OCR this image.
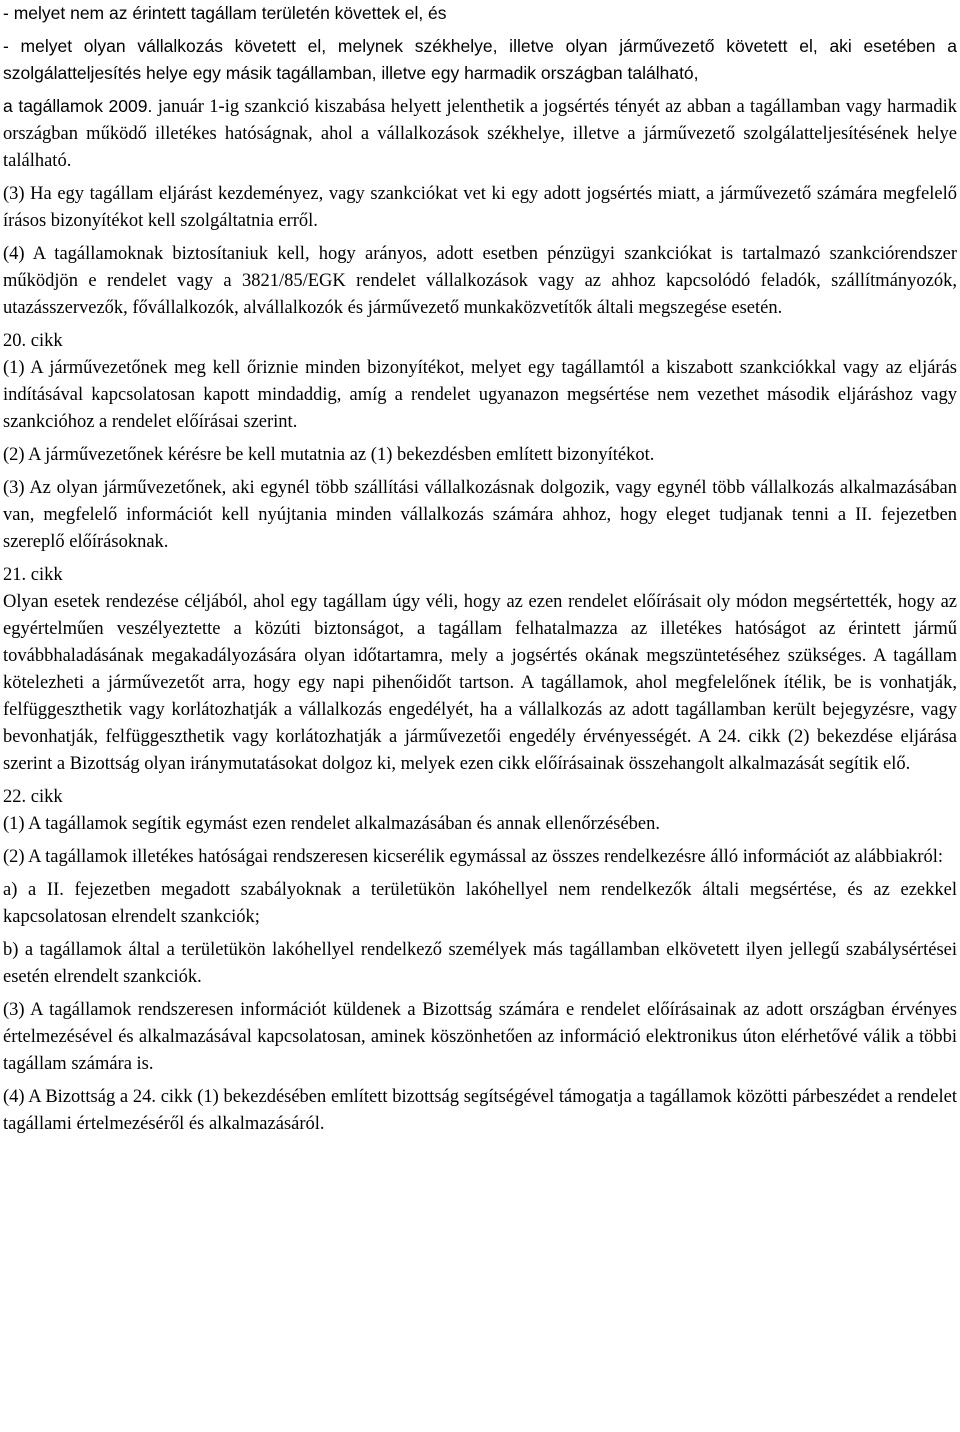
- melyet nem az érintett tagállam területén követtek el, és

- melyet olyan vállalkozás követett el, melynek székhelye, illetve olyan járművezető követett el, aki esetében a szolgálatteljesítés helye egy másik tagállamban, illetve egy harmadik országban található,

a tagállamok 2009. január 1-ig szankció kiszabása helyett jelenthetik a jogsértés tényét az abban a tagállamban vagy harmadik országban működő illetékes hatóságnak, ahol a vállalkozások székhelye, illetve a járművezető szolgálatteljesítésének helye található.

(3) Ha egy tagállam eljárást kezdeményez, vagy szankciókat vet ki egy adott jogsértés miatt, a járművezető számára megfelelő írásos bizonyítékot kell szolgáltatnia erről.

(4) A tagállamoknak biztosítaniuk kell, hogy arányos, adott esetben pénzügyi szankciókat is tartalmazó szankciórendszer működjön e rendelet vagy a 3821/85/EGK rendelet vállalkozások vagy az ahhoz kapcsolódó feladók, szállítmányozók, utazásszervezők, fővállalkozók, alvállalkozók és járművezető munkaközvetítők általi megszegése esetén.

20. cikk

(1) A járművezetőnek meg kell őriznie minden bizonyítékot, melyet egy tagállamtól a kiszabott szankciókkal vagy az eljárás indításával kapcsolatosan kapott mindaddig, amíg a rendelet ugyanazon megsértése nem vezethet második eljáráshoz vagy szankcióhoz a rendelet előírásai szerint.

(2) A járművezetőnek kérésre be kell mutatnia az (1) bekezdésben említett bizonyítékot.

(3) Az olyan járművezetőnek, aki egynél több szállítási vállalkozásnak dolgozik, vagy egynél több vállalkozás alkalmazásában van, megfelelő információt kell nyújtania minden vállalkozás számára ahhoz, hogy eleget tudjanak tenni a II. fejezetben szereplő előírásoknak.

21. cikk

Olyan esetek rendezése céljából, ahol egy tagállam úgy véli, hogy az ezen rendelet előírásait oly módon megsértették, hogy az egyértelműen veszélyeztette a közúti biztonságot, a tagállam felhatalmazza az illetékes hatóságot az érintett jármű továbbhaladásának megakadályozására olyan időtartamra, mely a jogsértés okának megszüntetéséhez szükséges. A tagállam kötelezheti a járművezetőt arra, hogy egy napi pihenőidőt tartson. A tagállamok, ahol megfelelőnek ítélik, be is vonhatják, felfüggeszthetik vagy korlátozhatják a vállalkozás engedélyét, ha a vállalkozás az adott tagállamban került bejegyzésre, vagy bevonhatják, felfüggeszthetik vagy korlátozhatják a járművezetői engedély érvényességét. A 24. cikk (2) bekezdése eljárása szerint a Bizottság olyan iránymutatásokat dolgoz ki, melyek ezen cikk előírásainak összehangolt alkalmazását segítik elő.

22. cikk

(1) A tagállamok segítik egymást ezen rendelet alkalmazásában és annak ellenőrzésében.

(2) A tagállamok illetékes hatóságai rendszeresen kicserélik egymással az összes rendelkezésre álló információt az alábbiakról:

a) a II. fejezetben megadott szabályoknak a területükön lakóhellyel nem rendelkezők általi megsértése, és az ezekkel kapcsolatosan elrendelt szankciók;

b) a tagállamok által a területükön lakóhellyel rendelkező személyek más tagállamban elkövetett ilyen jellegű szabálysértései esetén elrendelt szankciók.

(3) A tagállamok rendszeresen információt küldenek a Bizottság számára e rendelet előírásainak az adott országban érvényes értelmezésével és alkalmazásával kapcsolatosan, aminek köszönhetően az információ elektronikus úton elérhetővé válik a többi tagállam számára is.

(4) A Bizottság a 24. cikk (1) bekezdésében említett bizottság segítségével támogatja a tagállamok közötti párbeszédet a rendelet tagállami értelmezéséről és alkalmazásáról.
